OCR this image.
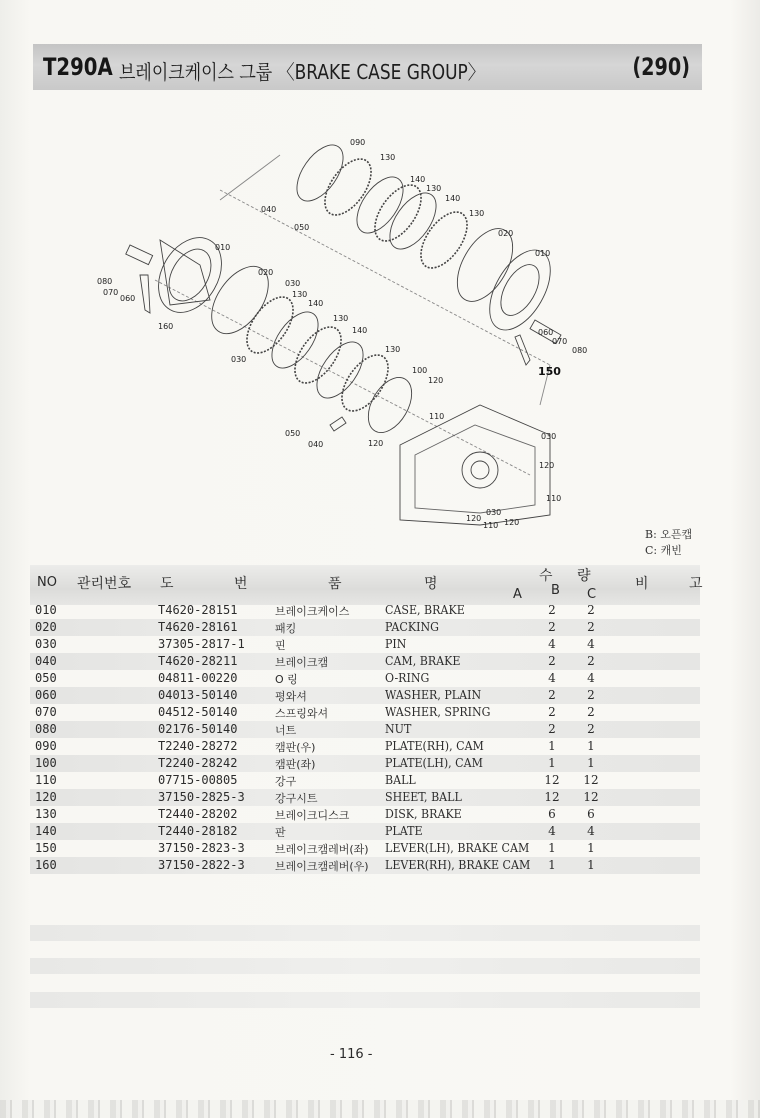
T290A 브레이크케이스 그룹 〈BRAKE CASE GROUP〉	(290)
090
130
140
130
140
130
020
010
040
050
010
080
070
060
020
030
130
140
160
130
140
030
130
100
120
060
070
080
150
110
050
040	120
030
120
110
120
030
110 120
B: 오픈캡
C: 캐빈
NO 관리번호 도 번	품	명	수 량
A B C
비 고
010	T4620-28151	브레이크케이스	CASE, BRAKE	2	2
020	T4620-28161	패킹	PACKING	2	2
030	37305-2817-1	핀	PIN	4	4
040	T4620-28211	브레이크캠	CAM, BRAKE	2	2
050	04811-00220	O 링	O-RING	4	4
060	04013-50140	평와셔	WASHER, PLAIN	2	2
070	04512-50140	스프링와셔	WASHER, SPRING	2	2
080	02176-50140	너트	NUT	2	2
090	T2240-28272	캠판(우)	PLATE(RH), CAM	1	1
100	T2240-28242	캠판(좌)	PLATE(LH), CAM	1	1
110	07715-00805	강구	BALL	12 12
120	37150-2825-3	강구시트	SHEET, BALL	12 12
130	T2440-28202	브레이크디스크	DISK, BRAKE	6	6
140	T2440-28182	판	PLATE	4	4
150	37150-2823-3	브레이크캠레버(좌) LEVER(LH), BRAKE CAM	1	1
160	37150-2822-3	브레이크캠레버(우) LEVER(RH), BRAKE CAM	1	1
- 116 -
